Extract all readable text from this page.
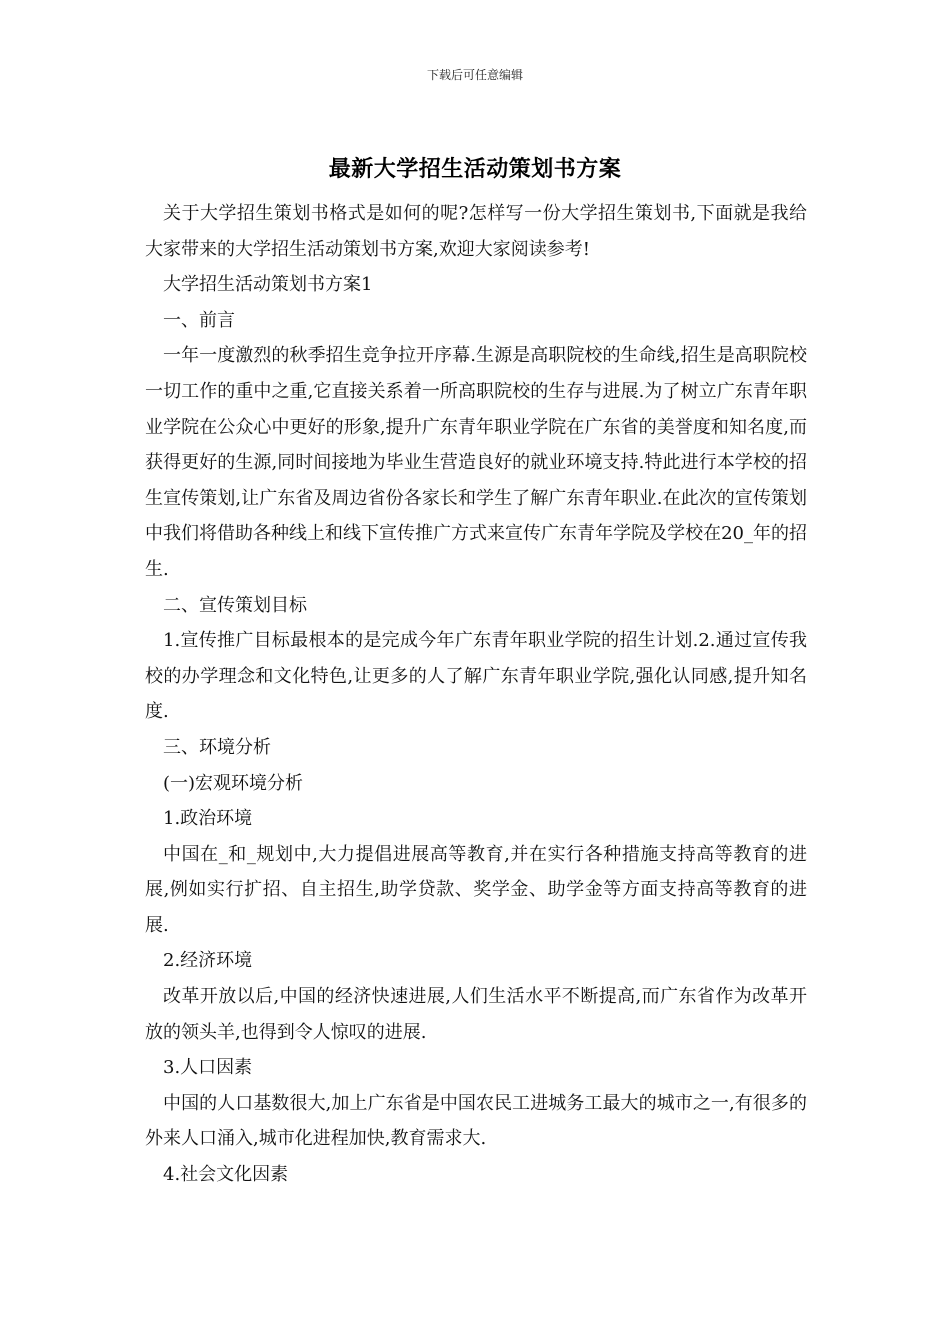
下载后可任意编辑
最新大学招生活动策划书方案

关于大学招生策划书格式是如何的呢?怎样写一份大学招生策划书,下面就是我给大家带来的大学招生活动策划书方案,欢迎大家阅读参考!

大学招生活动策划书方案1

一、前言

一年一度激烈的秋季招生竞争拉开序幕.生源是高职院校的生命线,招生是高职院校一切工作的重中之重,它直接关系着一所高职院校的生存与进展.为了树立广东青年职业学院在公众心中更好的形象,提升广东青年职业学院在广东省的美誉度和知名度,而获得更好的生源,同时间接地为毕业生营造良好的就业环境支持.特此进行本学校的招生宣传策划,让广东省及周边省份各家长和学生了解广东青年职业.在此次的宣传策划中我们将借助各种线上和线下宣传推广方式来宣传广东青年学院及学校在20_年的招生.

二、宣传策划目标

1.宣传推广目标最根本的是完成今年广东青年职业学院的招生计划.2.通过宣传我校的办学理念和文化特色,让更多的人了解广东青年职业学院,强化认同感,提升知名度.

三、环境分析

(一)宏观环境分析

1.政治环境

中国在_和_规划中,大力提倡进展高等教育,并在实行各种措施支持高等教育的进展,例如实行扩招、自主招生,助学贷款、奖学金、助学金等方面支持高等教育的进展.

2.经济环境

改革开放以后,中国的经济快速进展,人们生活水平不断提高,而广东省作为改革开放的领头羊,也得到令人惊叹的进展.

3.人口因素

中国的人口基数很大,加上广东省是中国农民工进城务工最大的城市之一,有很多的外来人口涌入,城市化进程加快,教育需求大.

4.社会文化因素
